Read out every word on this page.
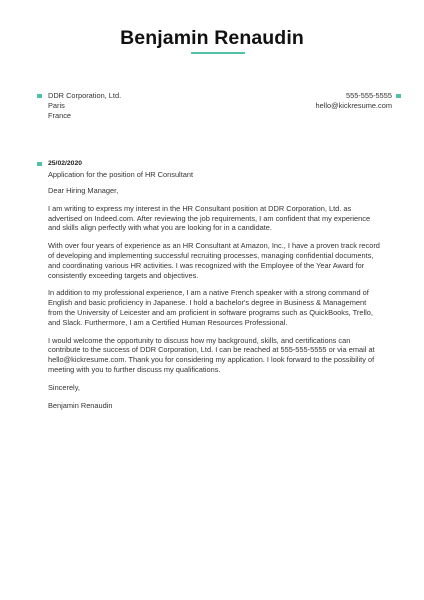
Benjamin Renaudin
DDR Corporation, Ltd.
Paris
France
555-555-5555
hello@kickresume.com
25/02/2020
Application for the position of HR Consultant

Dear Hiring Manager,

I am writing to express my interest in the HR Consultant position at DDR Corporation, Ltd. as
advertised on Indeed.com. After reviewing the job requirements, I am confident that my experience
and skills align perfectly with what you are looking for in a candidate.

With over four years of experience as an HR Consultant at Amazon, Inc., I have a proven track record
of developing and implementing successful recruiting processes, managing confidential documents,
and coordinating various HR activities. I was recognized with the Employee of the Year Award for
consistently exceeding targets and objectives.

In addition to my professional experience, I am a native French speaker with a strong command of
English and basic proficiency in Japanese. I hold a bachelor's degree in Business & Management
from the University of Leicester and am proficient in software programs such as QuickBooks, Trello,
and Slack. Furthermore, I am a Certified Human Resources Professional.

I would welcome the opportunity to discuss how my background, skills, and certifications can
contribute to the success of DDR Corporation, Ltd. I can be reached at 555-555-5555 or via email at
hello@kickresume.com. Thank you for considering my application. I look forward to the possibility of
meeting with you to further discuss my qualifications.

Sincerely,

Benjamin Renaudin
